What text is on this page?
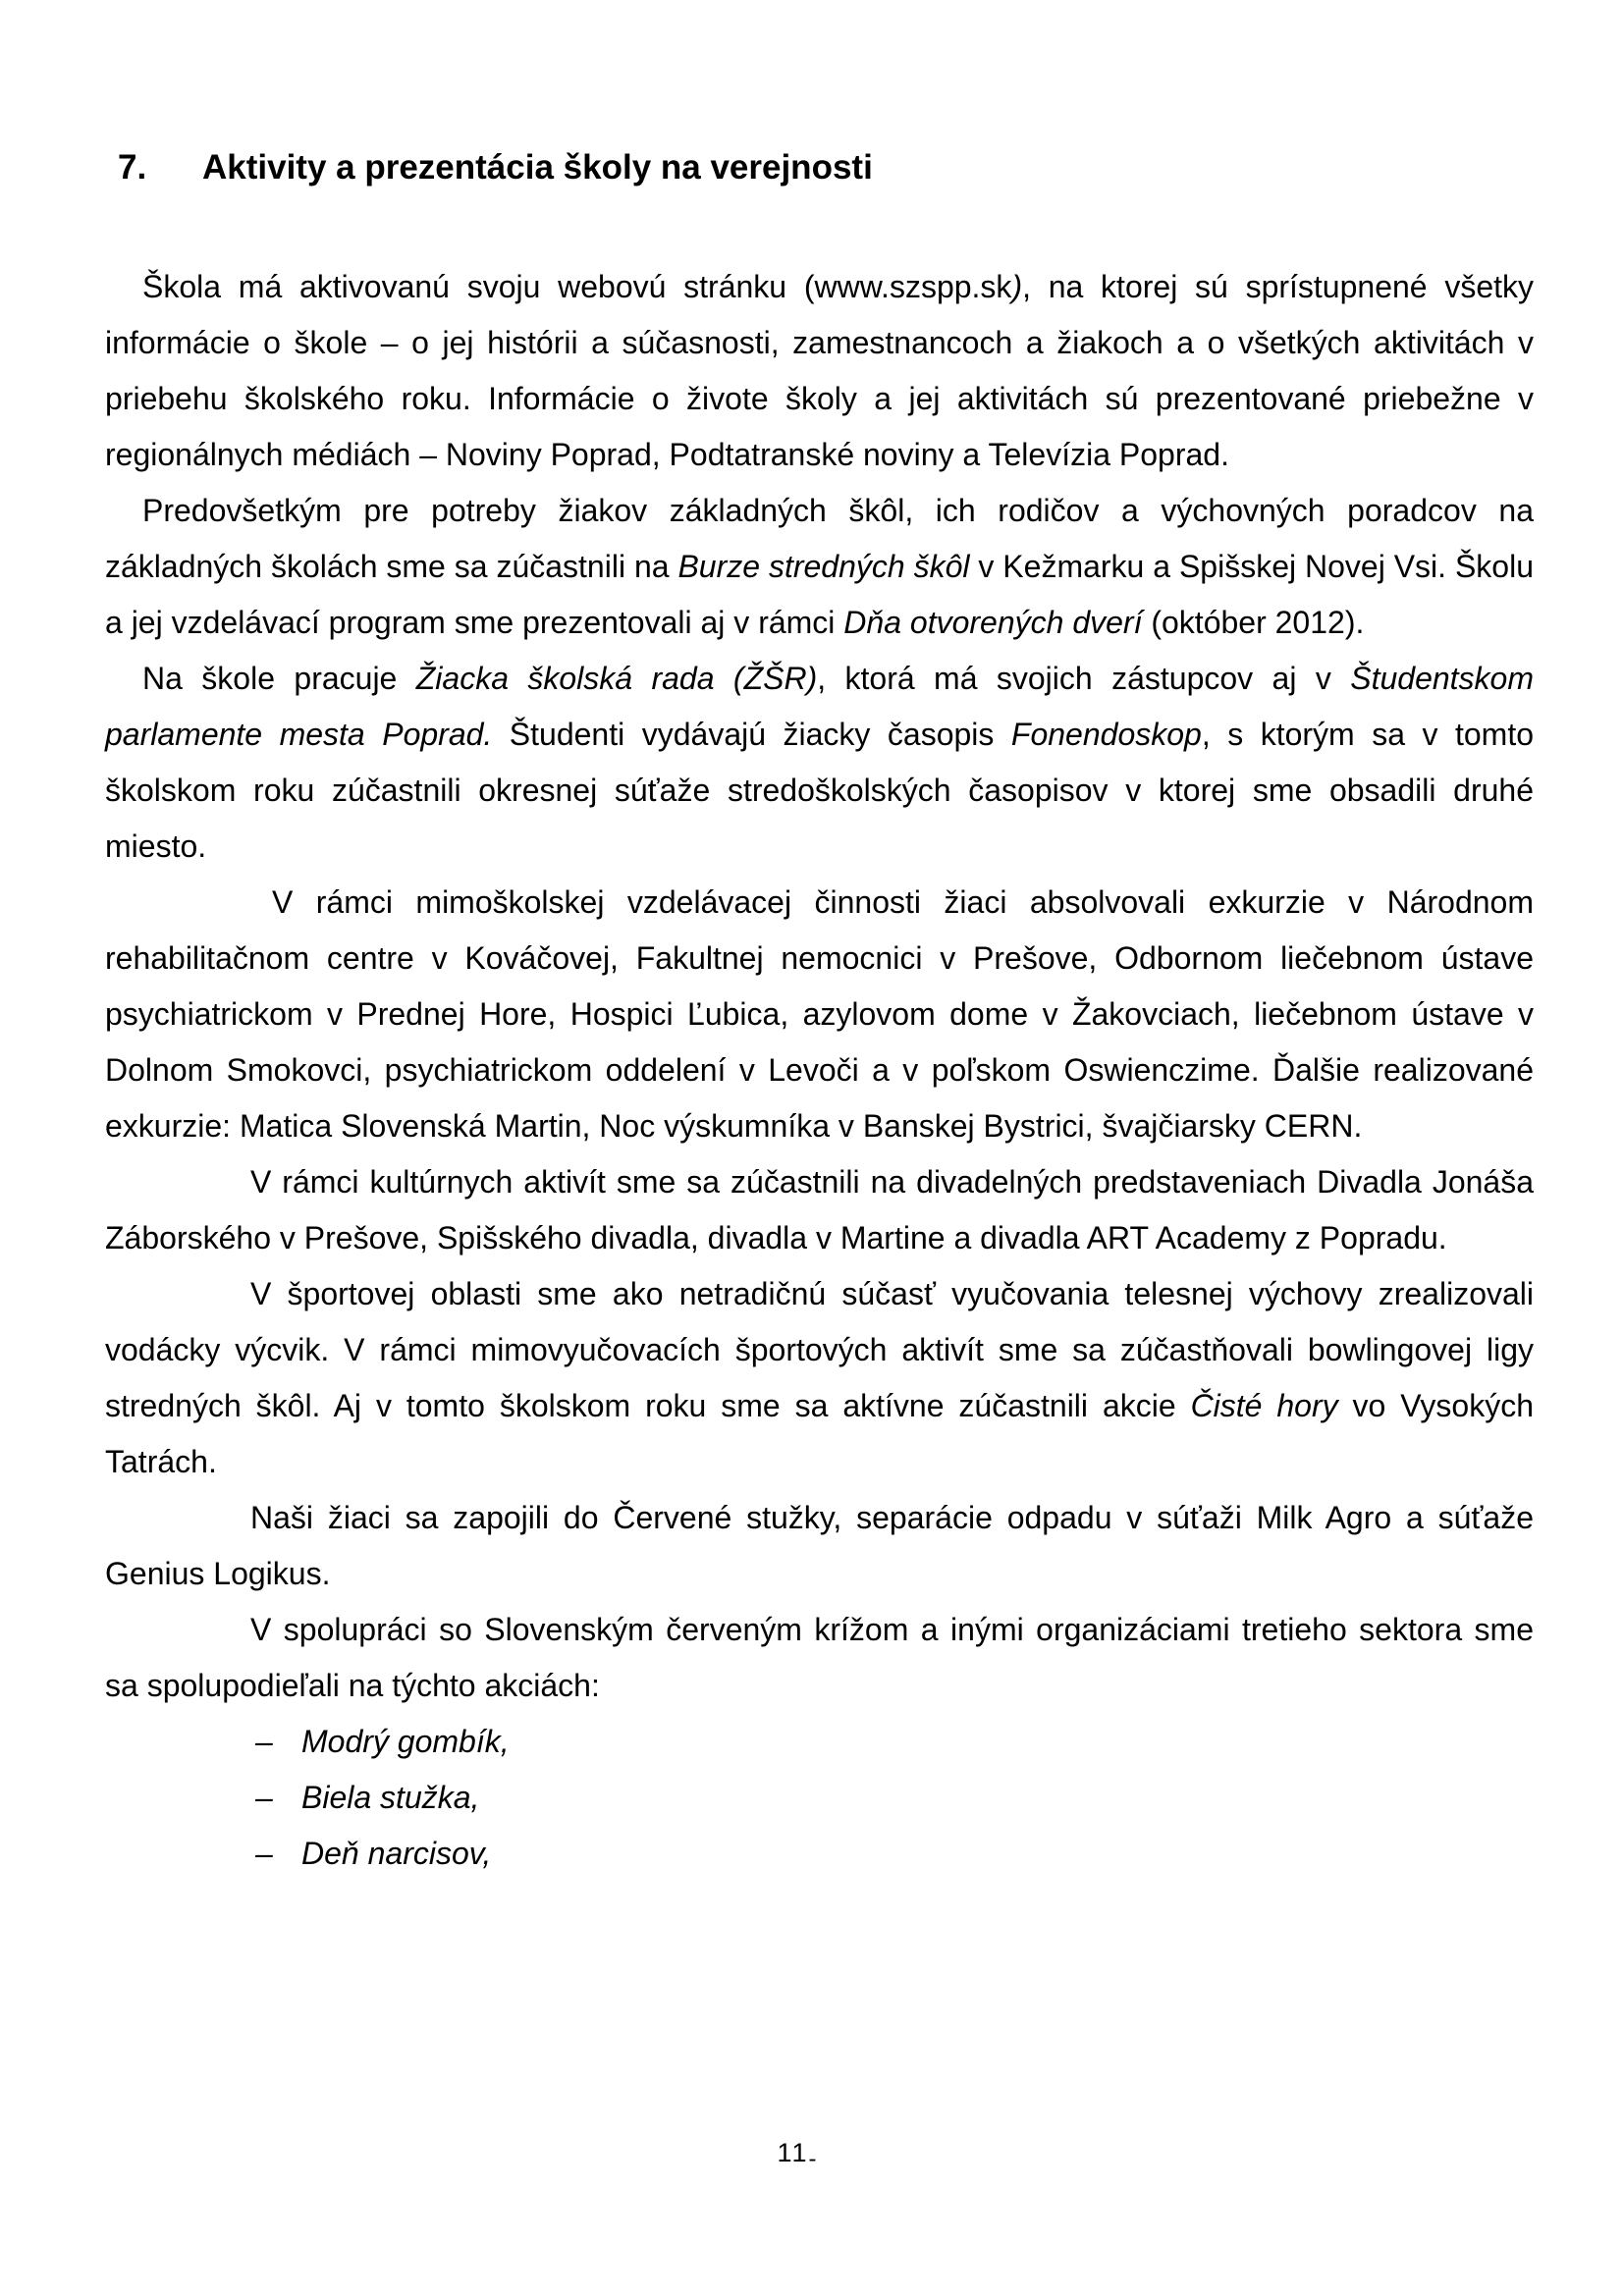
7. Aktivity a prezentácia školy na verejnosti

Škola má aktivovanú svoju webovú stránku (www.szspp.sk), na ktorej sú sprístupnené všetky informácie o škole – o jej histórii a súčasnosti, zamestnancoch a žiakoch a o všetkých aktivitách v priebehu školského roku. Informácie o živote školy a jej aktivitách sú prezentované priebežne v regionálnych médiách – Noviny Poprad, Podtatranské noviny a Televízia Poprad.

Predovšetkým pre potreby žiakov základných škôl, ich rodičov a výchovných poradcov na základných školách sme sa zúčastnili na Burze stredných škôl v Kežmarku a Spišskej Novej Vsi. Školu a jej vzdelávací program sme prezentovali aj v rámci Dňa otvorených dverí (október 2012).

Na škole pracuje Žiacka školská rada (ŽŠR), ktorá má svojich zástupcov aj v Študentskom parlamente mesta Poprad. Študenti vydávajú žiacky časopis Fonendoskop, s ktorým sa v tomto školskom roku zúčastnili okresnej súťaže stredoškolských časopisov v ktorej sme obsadili druhé miesto.

V rámci mimoškolskej vzdelávacej činnosti žiaci absolvovali exkurzie v Národnom rehabilitačnom centre v Kováčovej, Fakultnej nemocnici v Prešove, Odbornom liečebnom ústave psychiatrickom v Prednej Hore, Hospici Ľubica, azylovom dome v Žakovciach, liečebnom ústave v Dolnom Smokovci, psychiatrickom oddelení v Levoči a v poľskom Oswienczime. Ďalšie realizované exkurzie: Matica Slovenská Martin, Noc výskumníka v Banskej Bystrici, švajčiarsky CERN.

V rámci kultúrnych aktivít sme sa zúčastnili na divadelných predstaveniach Divadla Jonáša Záborského v Prešove, Spišského divadla, divadla v Martine a divadla ART Academy z Popradu.

V športovej oblasti sme ako netradičnú súčasť vyučovania telesnej výchovy zrealizovali vodácky výcvik. V rámci mimovyučovacích športových aktivít sme sa zúčastňovali bowlingovej ligy stredných škôl. Aj v tomto školskom roku sme sa aktívne zúčastnili akcie Čisté hory vo Vysokých Tatrách.

Naši žiaci sa zapojili do Červené stužky, separácie odpadu v súťaži Milk Agro a súťaže Genius Logikus.

V spolupráci so Slovenským červeným krížom a inými organizáciami tretieho sektora sme sa spolupodieľali na týchto akciách:

– Modrý gombík,

– Biela stužka,

– Deň narcisov,

11-
